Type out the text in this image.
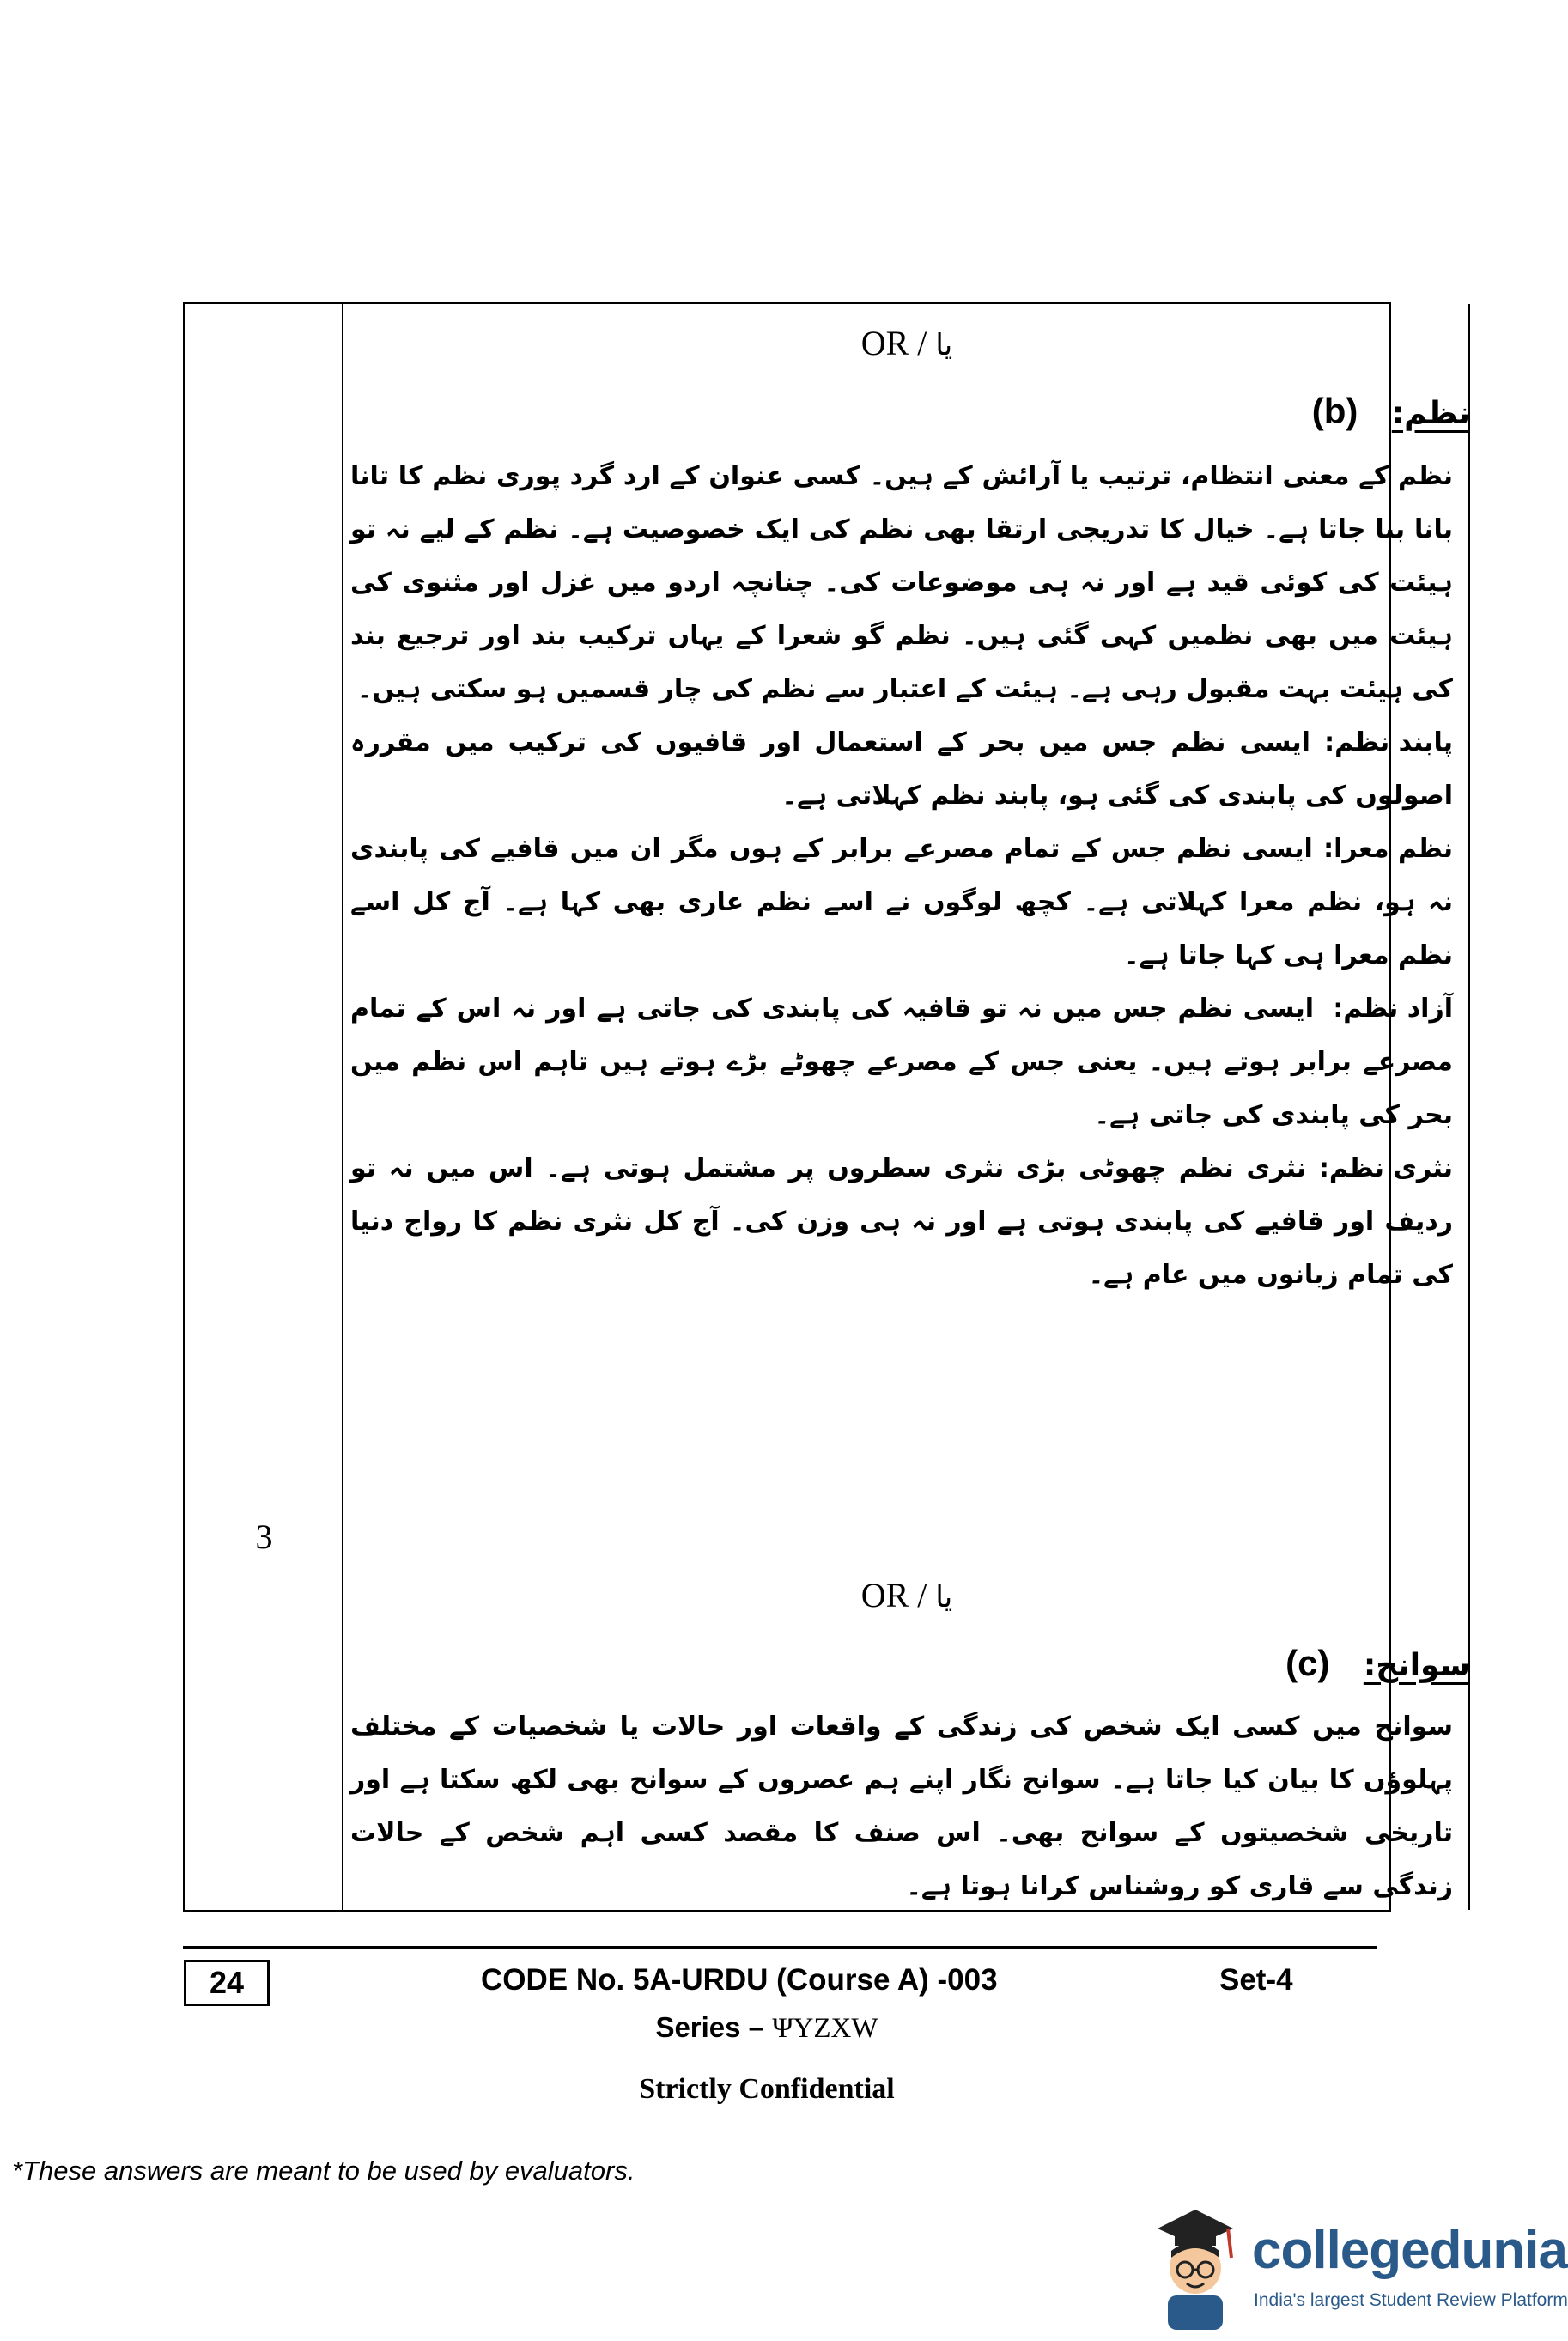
3
OR / یا
نظم: (b)

نظم کے معنی انتظام، ترتیب یا آرائش کے ہیں۔ کسی عنوان کے ارد گرد پوری نظم کا تانا بانا بنا جاتا ہے۔ خیال کا تدریجی ارتقا بھی نظم کی ایک خصوصیت ہے۔ نظم کے لیے نہ تو ہیئت کی کوئی قید ہے اور نہ ہی موضوعات کی۔ چنانچہ اردو میں غزل اور مثنوی کی ہیئت میں بھی نظمیں کہی گئی ہیں۔ نظم گو شعرا کے یہاں ترکیب بند اور ترجیع بند کی ہیئت بہت مقبول رہی ہے۔ ہیئت کے اعتبار سے نظم کی چار قسمیں ہو سکتی ہیں۔

پابند نظم: ایسی نظم جس میں بحر کے استعمال اور قافیوں کی ترکیب میں مقررہ اصولوں کی پابندی کی گئی ہو، پابند نظم کہلاتی ہے۔

نظم معرا: ایسی نظم جس کے تمام مصرعے برابر کے ہوں مگر ان میں قافیے کی پابندی نہ ہو، نظم معرا کہلاتی ہے۔ کچھ لوگوں نے اسے نظم عاری بھی کہا ہے۔ آج کل اسے نظم معرا ہی کہا جاتا ہے۔

آزاد نظم: ایسی نظم جس میں نہ تو قافیہ کی پابندی کی جاتی ہے اور نہ اس کے تمام مصرعے برابر ہوتے ہیں۔ یعنی جس کے مصرعے چھوٹے بڑے ہوتے ہیں تاہم اس نظم میں بحر کی پابندی کی جاتی ہے۔

نثری نظم: نثری نظم چھوٹی بڑی نثری سطروں پر مشتمل ہوتی ہے۔ اس میں نہ تو ردیف اور قافیے کی پابندی ہوتی ہے اور نہ ہی وزن کی۔ آج کل نثری نظم کا رواج دنیا کی تمام زبانوں میں عام ہے۔

OR / یا
سوانح: (c)

سوانح میں کسی ایک شخص کی زندگی کے واقعات اور حالات یا شخصیات کے مختلف پہلوؤں کا بیان کیا جاتا ہے۔ سوانح نگار اپنے ہم عصروں کے سوانح بھی لکھ سکتا ہے اور تاریخی شخصیتوں کے سوانح بھی۔ اس صنف کا مقصد کسی اہم شخص کے حالات زندگی سے قاری کو روشناس کرانا ہوتا ہے۔

24	CODE No. 5A-URDU (Course A) -003	Set-4
Series – ΨYZXW
Strictly Confidential
*These answers are meant to be used by evaluators.
collegedunia
India's largest Student Review Platform
